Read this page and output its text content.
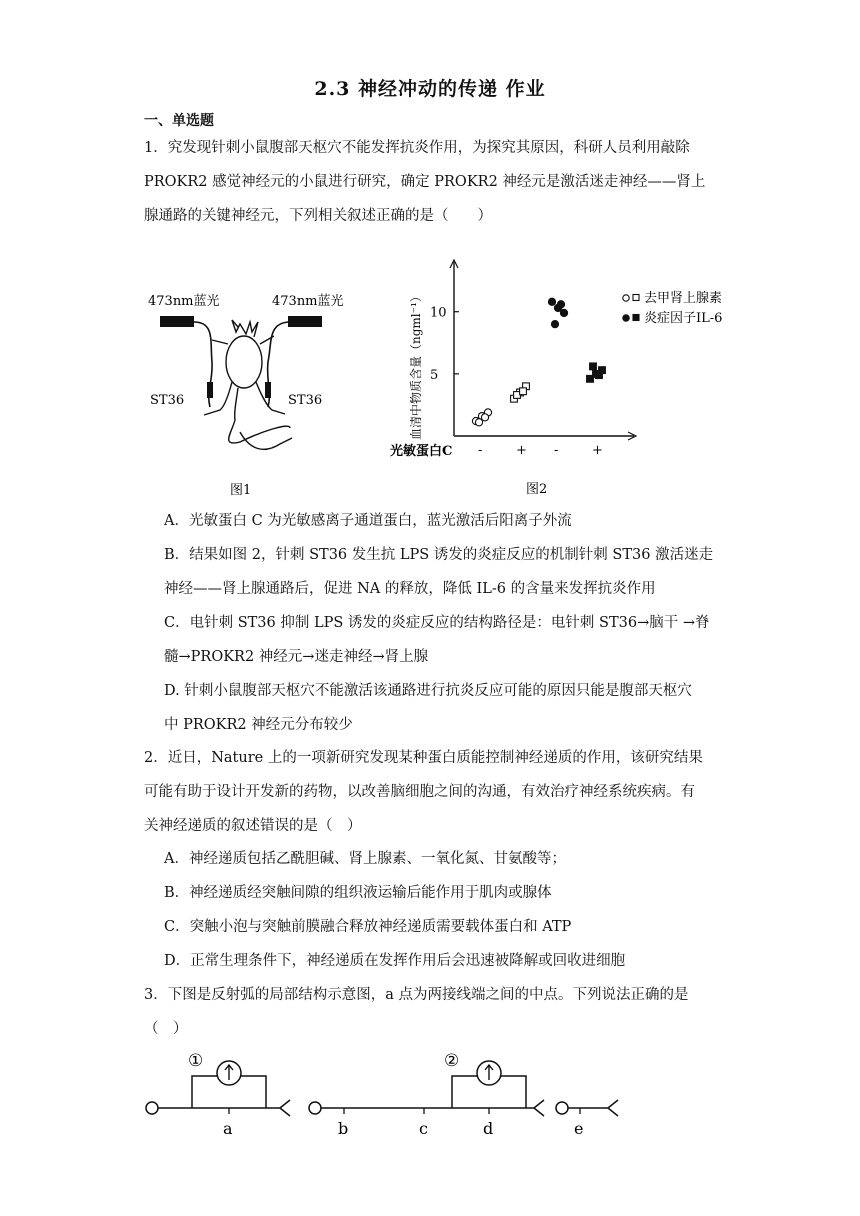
2.3 神经冲动的传递 作业
一、单选题
1．究发现针刺小鼠腹部天枢穴不能发挥抗炎作用，为探究其原因，科研人员利用敲除
PROKR2 感觉神经元的小鼠进行研究，确定 PROKR2 神经元是激活迷走神经——肾上
腺通路的关键神经元，下列相关叙述正确的是（　　）
473nm蓝光	473nm蓝光
ST36	ST36
图1
血清中物质含量（ngml⁻¹） 5
10
-	+ -	+
光敏蛋白C
去甲肾上腺素
炎症因子IL-6
图2
A．光敏蛋白 C 为光敏感离子通道蛋白，蓝光激活后阳离子外流
B．结果如图 2，针刺 ST36 发生抗 LPS 诱发的炎症反应的机制针刺 ST36 激活迷走
神经——肾上腺通路后，促进 NA 的释放，降低 IL-6 的含量来发挥抗炎作用
C．电针刺 ST36 抑制 LPS 诱发的炎症反应的结构路径是：电针刺 ST36→脑干 →脊
髓→PROKR2 神经元→迷走神经→肾上腺
D. 针刺小鼠腹部天枢穴不能激活该通路进行抗炎反应可能的原因只能是腹部天枢穴
中 PROKR2 神经元分布较少
2．近日，Nature 上的一项新研究发现某种蛋白质能控制神经递质的作用，该研究结果
可能有助于设计开发新的药物，以改善脑细胞之间的沟通，有效治疗神经系统疾病。有
关神经递质的叙述错误的是（　）
A．神经递质包括乙酰胆碱、肾上腺素、一氧化氮、甘氨酸等；
B．神经递质经突触间隙的组织液运输后能作用于肌肉或腺体
C．突触小泡与突触前膜融合释放神经递质需要载体蛋白和 ATP
D．正常生理条件下，神经递质在发挥作用后会迅速被降解或回收进细胞
3．下图是反射弧的局部结构示意图，a 点为两接线端之间的中点。下列说法正确的是
（　）
①
a	b	c	d
②
e
